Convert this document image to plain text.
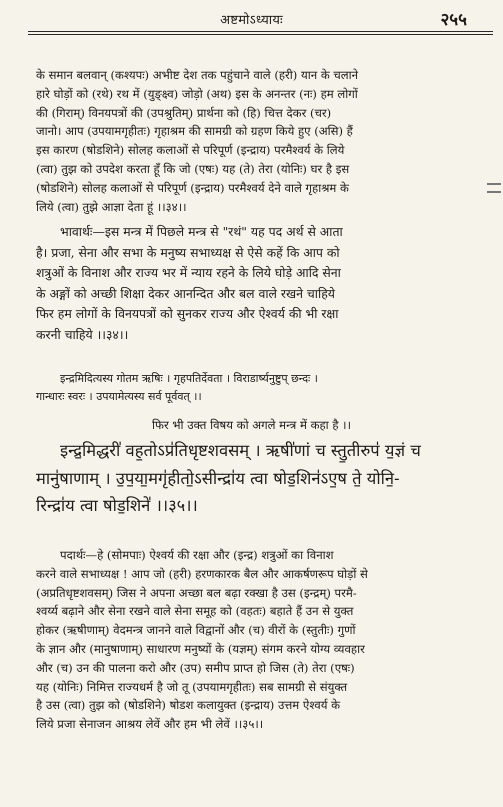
अष्टमोऽध्यायः	२५५
के समान बलवान् (कश्यपः) अभीष्ट देश तक पहुंचाने वाले (हरी) यान के चलाने
हारे घोड़ों को (रथे) रथ में (युङ्क्ष्व) जोड़ो (अथ) इस के अनन्तर (नः) हम लोगों
की (गिराम्) विनयपत्रों की (उपश्रुतिम्) प्रार्थना को (हि) चित्त देकर (चर)
जानो। आप (उपयामगृहीतः) गृहाश्रम की सामग्री को ग्रहण किये हुए (असि) हैं
इस कारण (षोडशिने) सोलह कलाओं से परिपूर्ण (इन्द्राय) परमैश्वर्य के लिये
(त्वा) तुझ को उपदेश करता हूँ कि जो (एषः) यह (ते) तेरा (योनिः) घर है इस
(षोडशिने) सोलह कलाओं से परिपूर्ण (इन्द्राय) परमैश्वर्य देने वाले गृहाश्रम के
लिये (त्वा) तुझे आज्ञा देता हूं ।।३४।।
भावार्थः—इस मन्त्र में पिछले मन्त्र से "रथं" यह पद अर्थ से आता
है। प्रजा, सेना और सभा के मनुष्य सभाध्यक्ष से ऐसे कहें कि आप को
शत्रुओं के विनाश और राज्य भर में न्याय रहने के लिये घोड़े आदि सेना
के अङ्गों को अच्छी शिक्षा देकर आनन्दित और बल वाले रखने चाहिये
फिर हम लोगों के विनयपत्रों को सुनकर राज्य और ऐश्वर्य की भी रक्षा
करनी चाहिये ।।३४।।
इन्द्रमिदित्यस्य गोतम ऋषिः । गृहपतिर्देवता । विराडार्ष्यनुष्टुप् छन्दः ।
गान्धारः स्वरः । उपयामेत्यस्य सर्व पूर्ववत् ।।
फिर भी उक्त विषय को अगले मन्त्र में कहा है ।।
इन्द्र॒मिद्धरी॑ वह॒तोऽप्र॑तिधृष्टशवसम् । ऋषी॑णां च स्तु॒तीरुप॑ य॒ज्ञं च
मानु॑षाणाम् । उ॒प॒या॒मगृ॑हीतो॒ऽसीन्द्रा॑य त्वा षोड॒शिन॑ऽए॒ष ते॒ योनि॒-
रिन्द्रा॑य त्वा षोड॒शिने॑ ।।३५।।
पदार्थः—हे (सोमपाः) ऐश्वर्य की रक्षा और (इन्द्र) शत्रुओं का विनाश
करने वाले सभाध्यक्ष ! आप जो (हरी) हरणकारक बैल और आकर्षणरूप घोड़ों से
(अप्रतिधृष्टशवसम्) जिस ने अपना अच्छा बल बढ़ा रक्खा है उस (इन्द्रम्) परमै-
श्वर्य्य बढ़ाने और सेना रखने वाले सेना समूह को (वहतः) बहाते हैं उन से युक्त
होकर (ऋषीणाम्) वेदमन्त्र जानने वाले विद्वानों और (च) वीरों के (स्तुतीः) गुणों
के ज्ञान और (मानुषाणाम्) साधारण मनुष्यों के (यज्ञम्) संगम करने योग्य व्यवहार
और (च) उन की पालना करो और (उप) समीप प्राप्त हो जिस (ते) तेरा (एषः)
यह (योनिः) निमित्त राज्यधर्म है जो तू (उपयामगृहीतः) सब सामग्री से संयुक्त
है उस (त्वा) तुझ को (षोडशिने) षोडश कलायुक्त (इन्द्राय) उत्तम ऐश्वर्य के
लिये प्रजा सेनाजन आश्रय लेवें और हम भी लेवें ।।३५।।
